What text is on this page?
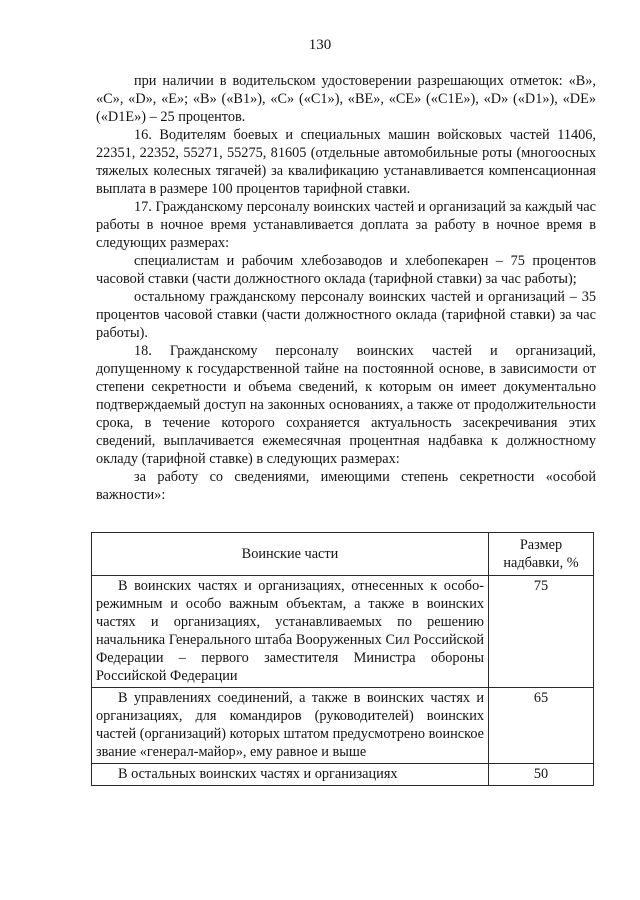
130

при наличии в водительском удостоверении разрешающих отметок: «B», «C», «D», «E»; «B» («B1»), «C» («C1»), «BE», «CE» («C1E»), «D» («D1»), «DE» («D1E») – 25 процентов.

16. Водителям боевых и специальных машин войсковых частей 11406, 22351, 22352, 55271, 55275, 81605 (отдельные автомобильные роты (многоосных тяжелых колесных тягачей) за квалификацию устанавливается компенсационная выплата в размере 100 процентов тарифной ставки.

17. Гражданскому персоналу воинских частей и организаций за каждый час работы в ночное время устанавливается доплата за работу в ночное время в следующих размерах:

специалистам и рабочим хлебозаводов и хлебопекарен – 75 процентов часовой ставки (части должностного оклада (тарифной ставки) за час работы);

остальному гражданскому персоналу воинских частей и организаций – 35 процентов часовой ставки (части должностного оклада (тарифной ставки) за час работы).

18. Гражданскому персоналу воинских частей и организаций, допущенному к государственной тайне на постоянной основе, в зависимости от степени секретности и объема сведений, к которым он имеет документально подтверждаемый доступ на законных основаниях, а также от продолжительности срока, в течение которого сохраняется актуальность засекречивания этих сведений, выплачивается ежемесячная процентная надбавка к должностному окладу (тарифной ставке) в следующих размерах:

за работу со сведениями, имеющими степень секретности «особой важности»:

Воинские части	Размер надбавки, %
В воинских частях и организациях, отнесенных к особо-режимным и особо важным объектам, а также в воинских частях и организациях, устанавливаемых по решению начальника Генерального штаба Вооруженных Сил Российской Федерации – первого заместителя Министра обороны Российской Федерации	75
В управлениях соединений, а также в воинских частях и организациях, для командиров (руководителей) воинских частей (организаций) которых штатом предусмотрено воинское звание «генерал-майор», ему равное и выше	65
В остальных воинских частях и организациях	50
